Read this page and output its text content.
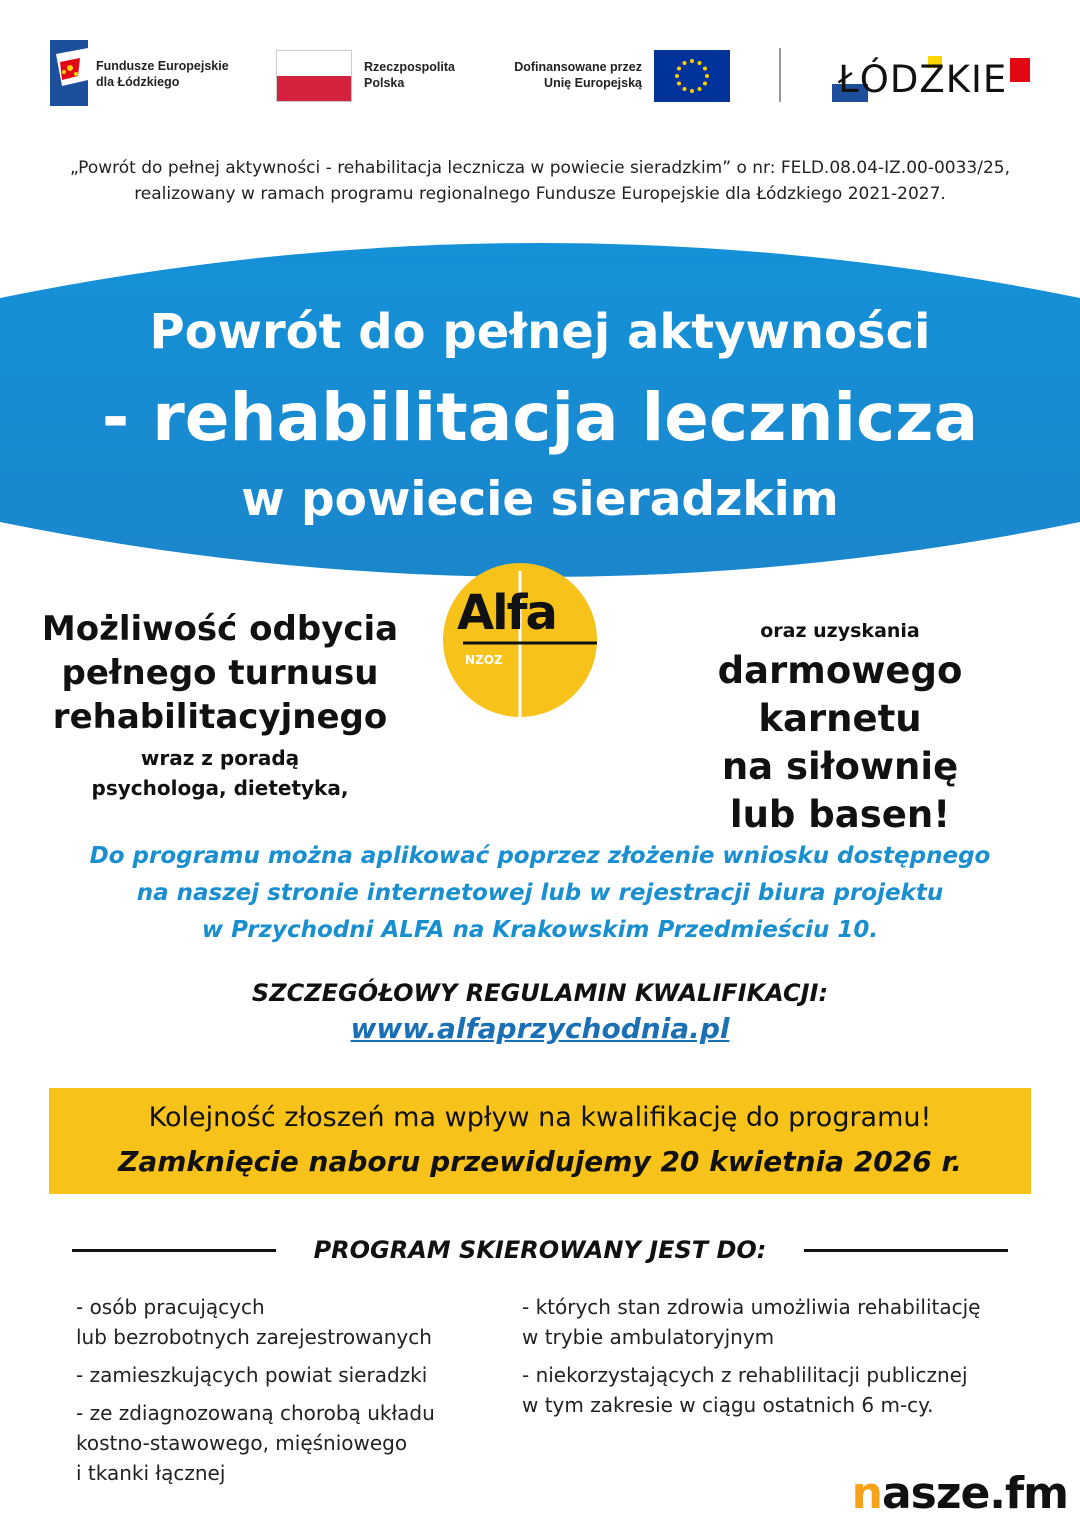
Fundusze Europejskie
dla Łódzkiego
Rzeczpospolita
Polska
Dofinansowane przez
Unię Europejską	ŁÓDZKIE
„Powrót do pełnej aktywności - rehabilitacja lecznicza w powiecie sieradzkim” o nr: FELD.08.04-IZ.00-0033/25,
realizowany w ramach programu regionalnego Fundusze Europejskie dla Łódzkiego 2021-2027.
Powrót do pełnej aktywności
- rehabilitacja lecznicza
w powiecie sieradzkim
Alfa
NZOZ
Możliwość odbycia
pełnego turnusu
rehabilitacyjnego
wraz z poradą
psychologa, dietetyka,
oraz uzyskania
darmowego karnetu
na siłownię
lub basen!
Do programu można aplikować poprzez złożenie wniosku dostępnego
na naszej stronie internetowej lub w rejestracji biura projektu
w Przychodni ALFA na Krakowskim Przedmieściu 10.
SZCZEGÓŁOWY REGULAMIN KWALIFIKACJI:
www.alfaprzychodnia.pl
Kolejność złoszeń ma wpływ na kwalifikację do programu!
Zamknięcie naboru przewidujemy 20 kwietnia 2026 r.
PROGRAM SKIEROWANY JEST DO:
- osób pracujących
lub bezrobotnych zarejestrowanych
- zamieszkujących powiat sieradzki
- ze zdiagnozowaną chorobą układu
kostno-stawowego, mięśniowego
i tkanki łącznej
- których stan zdrowia umożliwia rehabilitację
w trybie ambulatoryjnym
- niekorzystających z rehablilitacji publicznej
w tym zakresie w ciągu ostatnich 6 m-cy.
nasze.fm
